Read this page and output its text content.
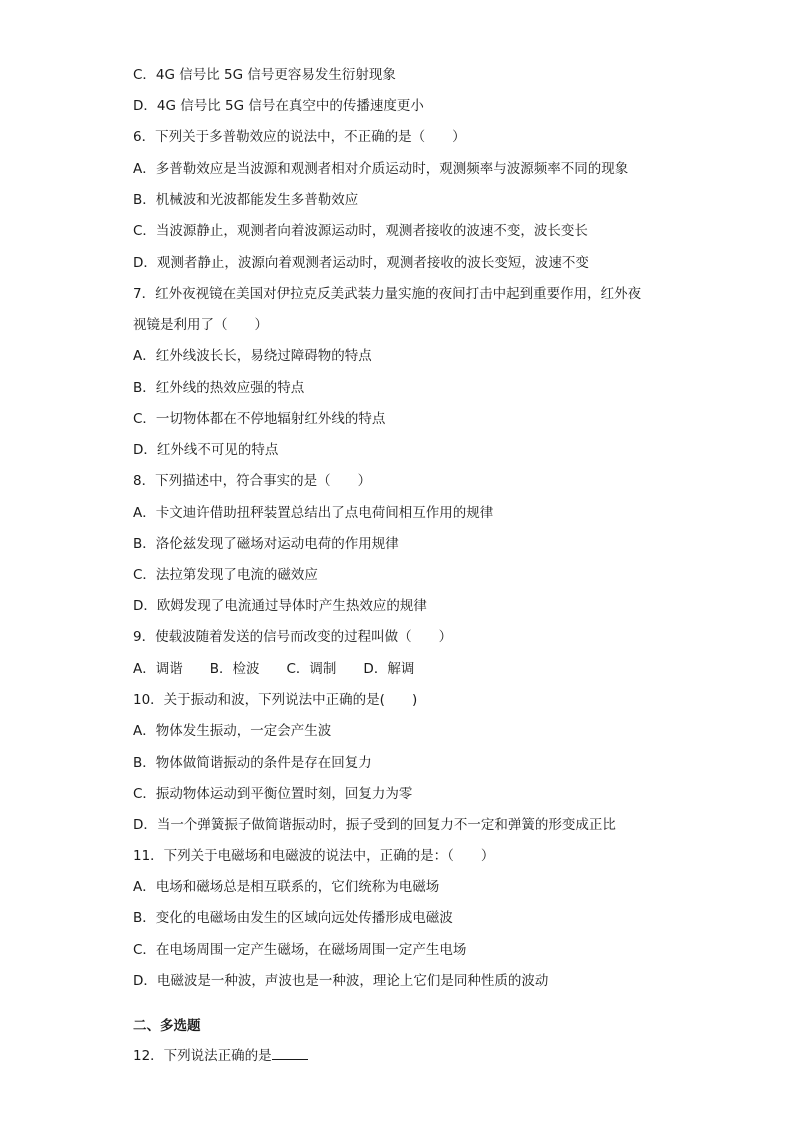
C．4G 信号比 5G 信号更容易发生衍射现象
D．4G 信号比 5G 信号在真空中的传播速度更小
6．下列关于多普勒效应的说法中，不正确的是（　　）
A．多普勒效应是当波源和观测者相对介质运动时，观测频率与波源频率不同的现象
B．机械波和光波都能发生多普勒效应
C．当波源静止，观测者向着波源运动时，观测者接收的波速不变，波长变长
D．观测者静止，波源向着观测者运动时，观测者接收的波长变短，波速不变
7．红外夜视镜在美国对伊拉克反美武装力量实施的夜间打击中起到重要作用，红外夜
视镜是利用了（　　）
A．红外线波长长，易绕过障碍物的特点
B．红外线的热效应强的特点
C．一切物体都在不停地辐射红外线的特点
D．红外线不可见的特点
8．下列描述中，符合事实的是（　　）
A．卡文迪许借助扭秤装置总结出了点电荷间相互作用的规律
B．洛伦兹发现了磁场对运动电荷的作用规律
C．法拉第发现了电流的磁效应
D．欧姆发现了电流通过导体时产生热效应的规律
9．使载波随着发送的信号而改变的过程叫做（　　）
A．调谐　　B．检波　　C．调制　　D．解调
10．关于振动和波，下列说法中正确的是(　　)
A．物体发生振动，一定会产生波
B．物体做简谐振动的条件是存在回复力
C．振动物体运动到平衡位置时刻，回复力为零
D．当一个弹簧振子做简谐振动时，振子受到的回复力不一定和弹簧的形变成正比
11．下列关于电磁场和电磁波的说法中，正确的是：（　　）
A．电场和磁场总是相互联系的，它们统称为电磁场
B．变化的电磁场由发生的区域向远处传播形成电磁波
C．在电场周围一定产生磁场，在磁场周围一定产生电场
D．电磁波是一种波，声波也是一种波，理论上它们是同种性质的波动
二、多选题
12．下列说法正确的是
